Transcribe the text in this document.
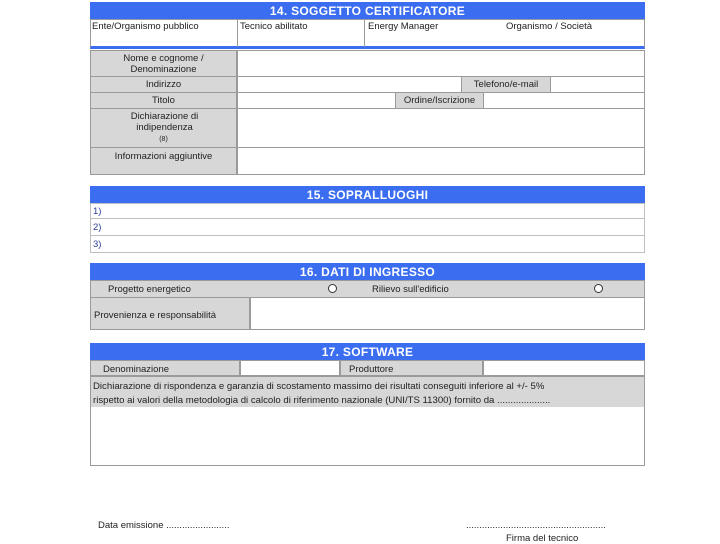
14. SOGGETTO CERTIFICATORE
Ente/Organismo pubblico	Tecnico abilitato	Energy Manager	Organismo / Società
Nome e cognome / Denominazione
Indirizzo	Telefono/e-mail
Titolo	Ordine/Iscrizione
Dichiarazione di indipendenza
(8)
Informazioni aggiuntive
15. SOPRALLUOGHI
1)
2)
3)
16. DATI DI INGRESSO
Progetto energetico	Rilievo sull'edificio
Provenienza e responsabilità
17. SOFTWARE
Denominazione	Produttore
Dichiarazione di rispondenza e garanzia di scostamento massimo dei risultati conseguiti inferiore al +/- 5%
rispetto ai valori della metodologia di calcolo di riferimento nazionale (UNI/TS 11300) fornito da ....................
Data emissione ........................	.....................................................
Firma del tecnico
